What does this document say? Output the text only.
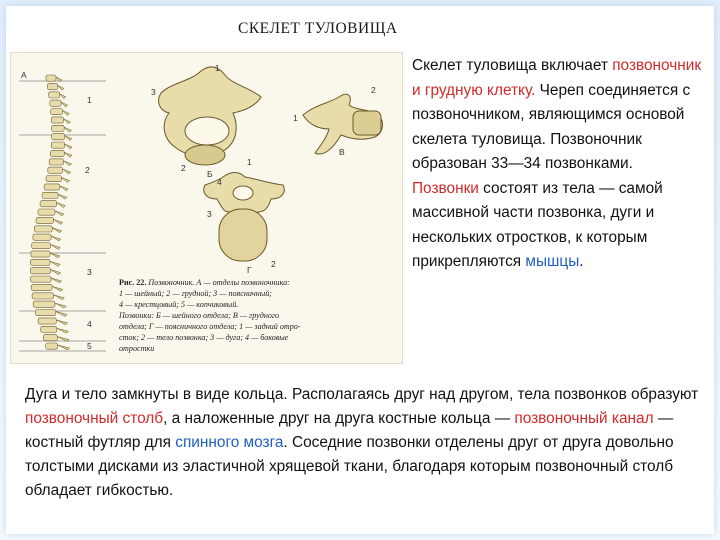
СКЕЛЕТ ТУЛОВИЩА
А
1
2
3
4
5
3
1
2
Б
2
1
В
4
1
3
2
Г
Рис. 22. Позвоночник. А — отделы позвоночника:
1 — шейный; 2 — грудной; 3 — поясничный;
4 — крестцовый; 5 — копчиковый.
Позвонки: Б — шейного отдела; В — грудного
отдела; Г — поясничного отдела; 1 — задний отро-
сток; 2 — тело позвонка; 3 — дуга; 4 — боковые
отростки
Скелет туловища включает позвоночник и грудную клетку. Череп соединяется с позвоночником, являющимся основой скелета туловища. Позвоночник образован 33—34 позвонками. Позвонки состоят из тела — самой массивной части позвонка, дуги и нескольких отростков, к которым прикрепляются мышцы.
Дуга и тело замкнуты в виде кольца. Располагаясь друг над другом, тела позвонков образуют позвоночный столб, а наложенные друг на друга костные кольца — позвоночный канал — костный футляр для спинного мозга. Соседние позвонки отделены друг от друга довольно толстыми дисками из эластичной хрящевой ткани, благодаря которым позвоночный столб обладает гибкостью.
